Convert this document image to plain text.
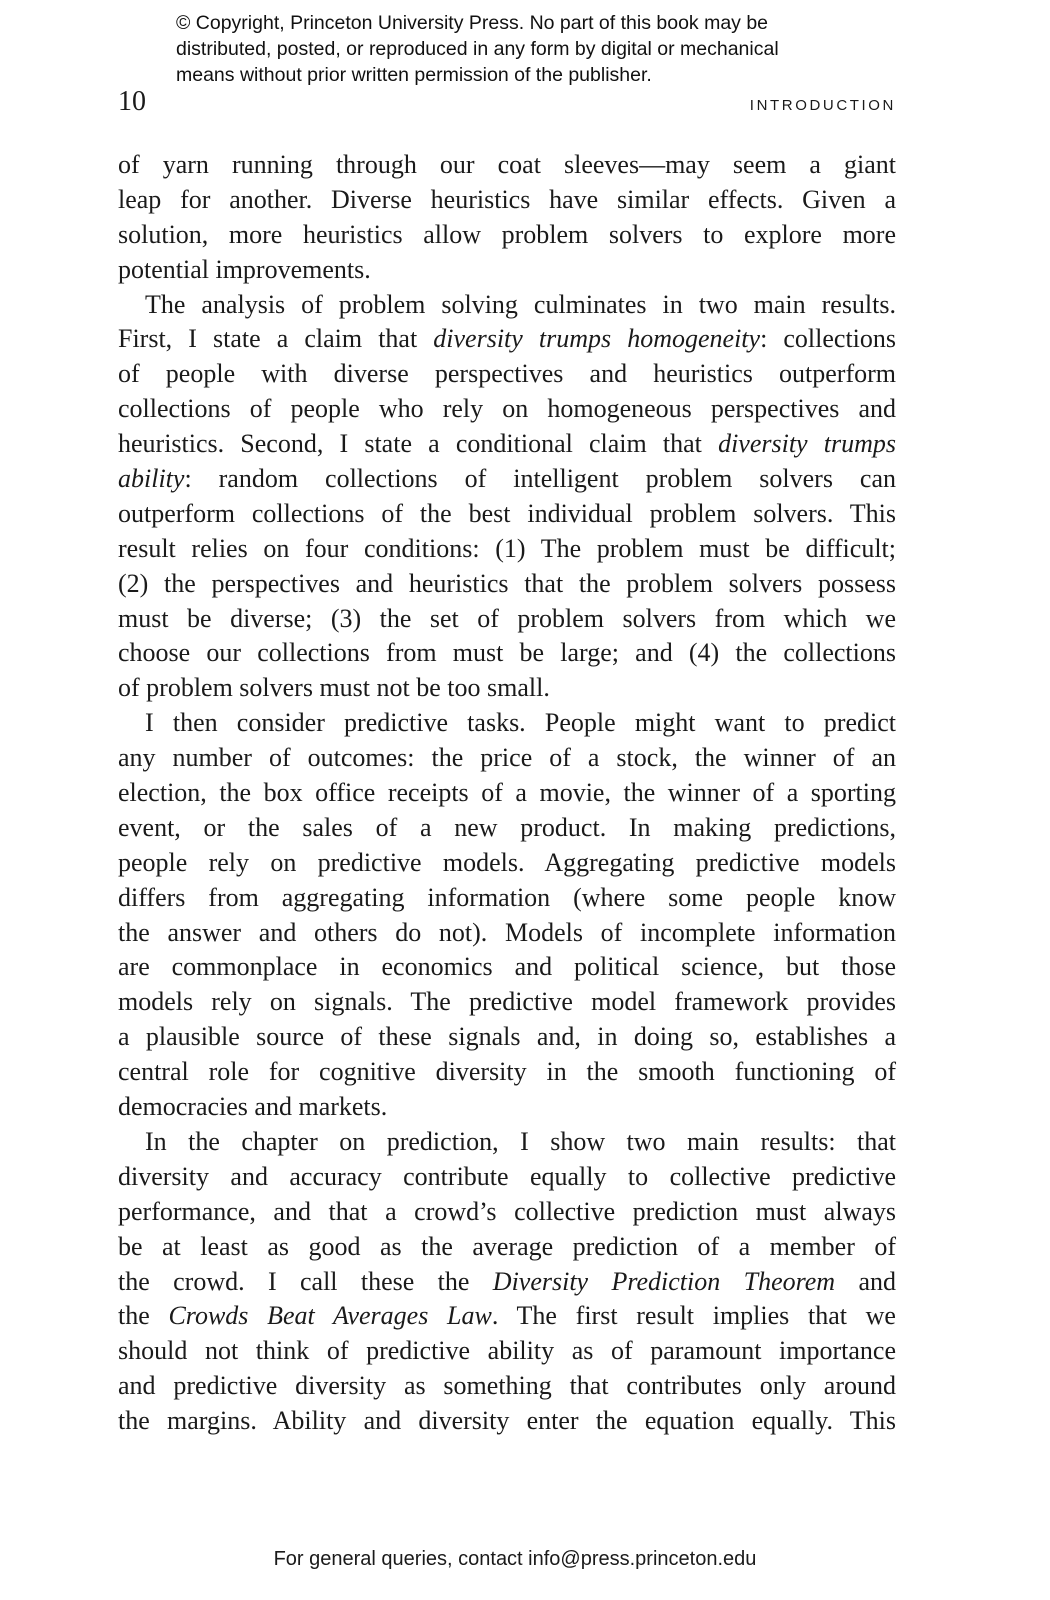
© Copyright, Princeton University Press. No part of this book may be
distributed, posted, or reproduced in any form by digital or mechanical
means without prior written permission of the publisher.
10	INTRODUCTION
of yarn running through our coat sleeves—may seem a giant
leap for another. Diverse heuristics have similar effects. Given a
solution, more heuristics allow problem solvers to explore more
potential improvements.
The analysis of problem solving culminates in two main results.
First, I state a claim that diversity trumps homogeneity: collections
of people with diverse perspectives and heuristics outperform
collections of people who rely on homogeneous perspectives and
heuristics. Second, I state a conditional claim that diversity trumps
ability: random collections of intelligent problem solvers can
outperform collections of the best individual problem solvers. This
result relies on four conditions: (1) The problem must be difficult;
(2) the perspectives and heuristics that the problem solvers possess
must be diverse; (3) the set of problem solvers from which we
choose our collections from must be large; and (4) the collections
of problem solvers must not be too small.
I then consider predictive tasks. People might want to predict
any number of outcomes: the price of a stock, the winner of an
election, the box office receipts of a movie, the winner of a sporting
event, or the sales of a new product. In making predictions,
people rely on predictive models. Aggregating predictive models
differs from aggregating information (where some people know
the answer and others do not). Models of incomplete information
are commonplace in economics and political science, but those
models rely on signals. The predictive model framework provides
a plausible source of these signals and, in doing so, establishes a
central role for cognitive diversity in the smooth functioning of
democracies and markets.
In the chapter on prediction, I show two main results: that
diversity and accuracy contribute equally to collective predictive
performance, and that a crowd’s collective prediction must always
be at least as good as the average prediction of a member of
the crowd. I call these the Diversity Prediction Theorem and
the Crowds Beat Averages Law. The first result implies that we
should not think of predictive ability as of paramount importance
and predictive diversity as something that contributes only around
the margins. Ability and diversity enter the equation equally. This
For general queries, contact info@press.princeton.edu
